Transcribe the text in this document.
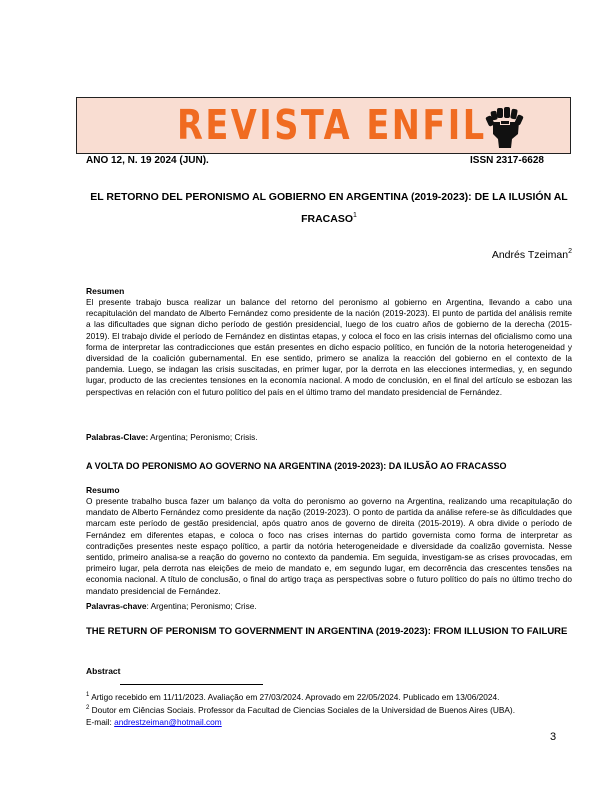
REVISTA ENFIL
ANO 12, N. 19 2024 (JUN).	ISSN 2317-6628
EL RETORNO DEL PERONISMO AL GOBIERNO EN ARGENTINA (2019-2023): DE LA ILUSIÓN AL FRACASO$^1$
Andrés Tzeiman$^2$
Resumen
El presente trabajo busca realizar un balance del retorno del peronismo al gobierno en Argentina, llevando a cabo una recapitulación del mandato de Alberto Fernández como presidente de la nación (2019-2023). El punto de partida del análisis remite a las dificultades que signan dicho período de gestión presidencial, luego de los cuatro años de gobierno de la derecha (2015-2019). El trabajo divide el período de Fernández en distintas etapas, y coloca el foco en las crisis internas del oficialismo como una forma de interpretar las contradicciones que están presentes en dicho espacio político, en función de la notoria heterogeneidad y diversidad de la coalición gubernamental. En ese sentido, primero se analiza la reacción del gobierno en el contexto de la pandemia. Luego, se indagan las crisis suscitadas, en primer lugar, por la derrota en las elecciones intermedias, y, en segundo lugar, producto de las crecientes tensiones en la economía nacional. A modo de conclusión, en el final del artículo se esbozan las perspectivas en relación con el futuro político del país en el último tramo del mandato presidencial de Fernández.
Palabras-Clave: Argentina; Peronismo; Crisis.
A VOLTA DO PERONISMO AO GOVERNO NA ARGENTINA (2019-2023): DA ILUSÃO AO FRACASSO
Resumo
O presente trabalho busca fazer um balanço da volta do peronismo ao governo na Argentina, realizando uma recapitulação do mandato de Alberto Fernández como presidente da nação (2019-2023). O ponto de partida da análise refere-se às dificuldades que marcam este período de gestão presidencial, após quatro anos de governo de direita (2015-2019). A obra divide o período de Fernández em diferentes etapas, e coloca o foco nas crises internas do partido governista como forma de interpretar as contradições presentes neste espaço político, a partir da notória heterogeneidade e diversidade da coalizão governista. Nesse sentido, primeiro analisa-se a reação do governo no contexto da pandemia. Em seguida, investigam-se as crises provocadas, em primeiro lugar, pela derrota nas eleições de meio de mandato e, em segundo lugar, em decorrência das crescentes tensões na economia nacional. A título de conclusão, o final do artigo traça as perspectivas sobre o futuro político do país no último trecho do mandato presidencial de Fernández.
Palavras-chave: Argentina; Peronismo; Crise.
THE RETURN OF PERONISM TO GOVERNMENT IN ARGENTINA (2019-2023): FROM ILLUSION TO FAILURE
Abstract
$^1$ Artigo recebido em 11/11/2023. Avaliação em 27/03/2024. Aprovado em 22/05/2024. Publicado em 13/06/2024.
$^2$ Doutor em Ciências Sociais. Professor da Facultad de Ciencias Sociales de la Universidad de Buenos Aires (UBA).
E-mail: andrestzeiman@hotmail.com
3
